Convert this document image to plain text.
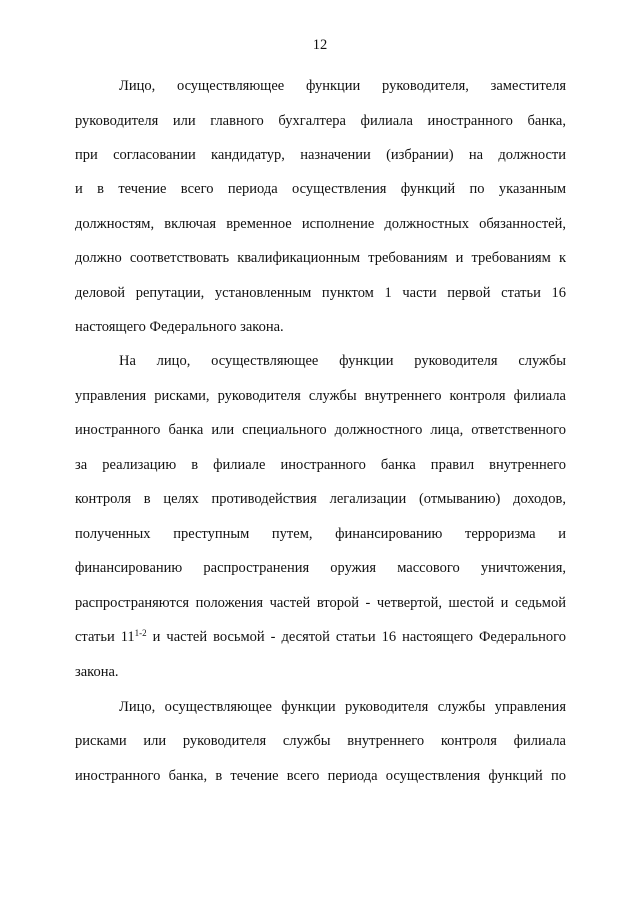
12
Лицо, осуществляющее функции руководителя, заместителя
руководителя или главного бухгалтера филиала иностранного банка,
при согласовании кандидатур, назначении (избрании) на должности
и в течение всего периода осуществления функций по указанным
должностям, включая временное исполнение должностных обязанностей,
должно соответствовать квалификационным требованиям и требованиям к
деловой репутации, установленным пунктом 1 части первой статьи 16
настоящего Федерального закона.
На лицо, осуществляющее функции руководителя службы
управления рисками, руководителя службы внутреннего контроля филиала
иностранного банка или специального должностного лица, ответственного
за реализацию в филиале иностранного банка правил внутреннего
контроля в целях противодействия легализации (отмыванию) доходов,
полученных преступным путем, финансированию терроризма и
финансированию распространения оружия массового уничтожения,
распространяются положения частей второй - четвертой, шестой и седьмой
статьи 11$^{1-2}$ и частей восьмой - десятой статьи 16 настоящего Федерального
закона.
Лицо, осуществляющее функции руководителя службы управления
рисками или руководителя службы внутреннего контроля филиала
иностранного банка, в течение всего периода осуществления функций по
